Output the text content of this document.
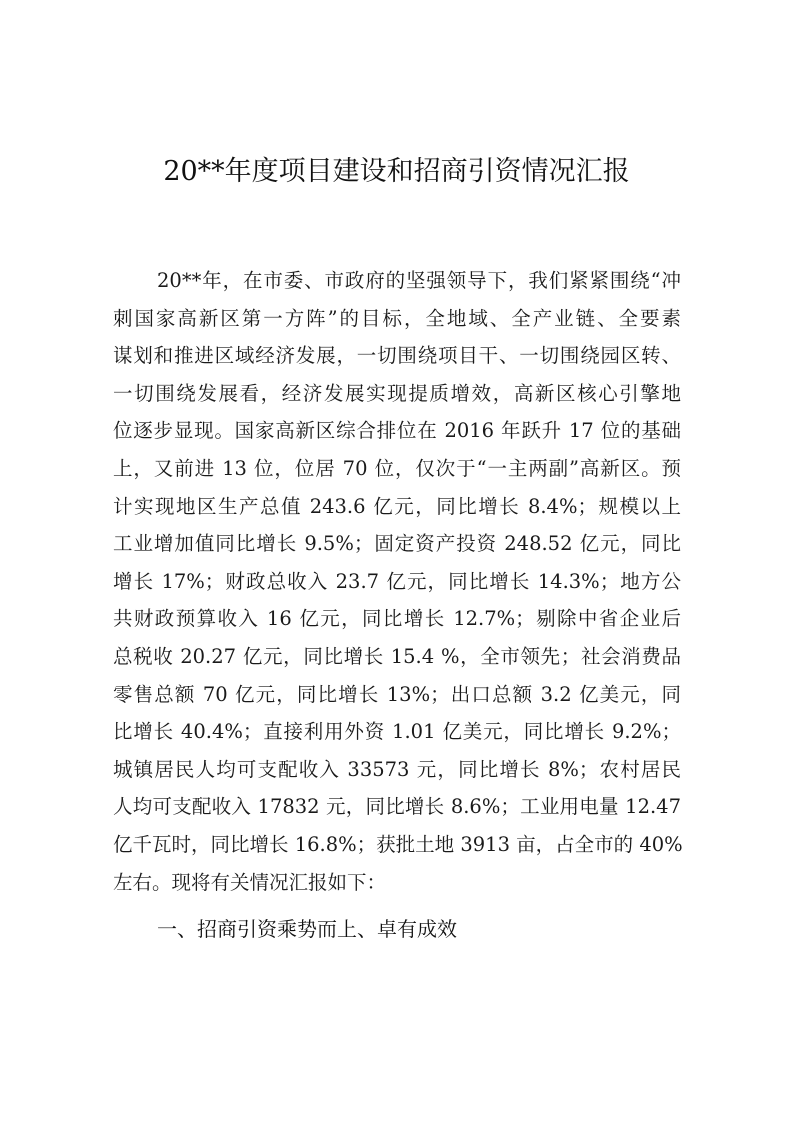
20**年度项目建设和招商引资情况汇报
20**年，在市委、市政府的坚强领导下，我们紧紧围绕“冲
刺国家高新区第一方阵”的目标，全地域、全产业链、全要素
谋划和推进区域经济发展，一切围绕项目干、一切围绕园区转、
一切围绕发展看，经济发展实现提质增效，高新区核心引擎地
位逐步显现。国家高新区综合排位在 2016 年跃升 17 位的基础
上，又前进 13 位，位居 70 位，仅次于“一主两副”高新区。预
计实现地区生产总值 243.6 亿元，同比增长 8.4%；规模以上
工业增加值同比增长 9.5%；固定资产投资 248.52 亿元，同比
增长 17%；财政总收入 23.7 亿元，同比增长 14.3%；地方公
共财政预算收入 16 亿元，同比增长 12.7%；剔除中省企业后
总税收 20.27 亿元，同比增长 15.4 %，全市领先；社会消费品
零售总额 70 亿元，同比增长 13%；出口总额 3.2 亿美元，同
比增长 40.4%；直接利用外资 1.01 亿美元，同比增长 9.2%；
城镇居民人均可支配收入 33573 元，同比增长 8%；农村居民
人均可支配收入 17832 元，同比增长 8.6%；工业用电量 12.47
亿千瓦时，同比增长 16.8%；获批土地 3913 亩，占全市的 40%
左右。现将有关情况汇报如下：
一、招商引资乘势而上、卓有成效
